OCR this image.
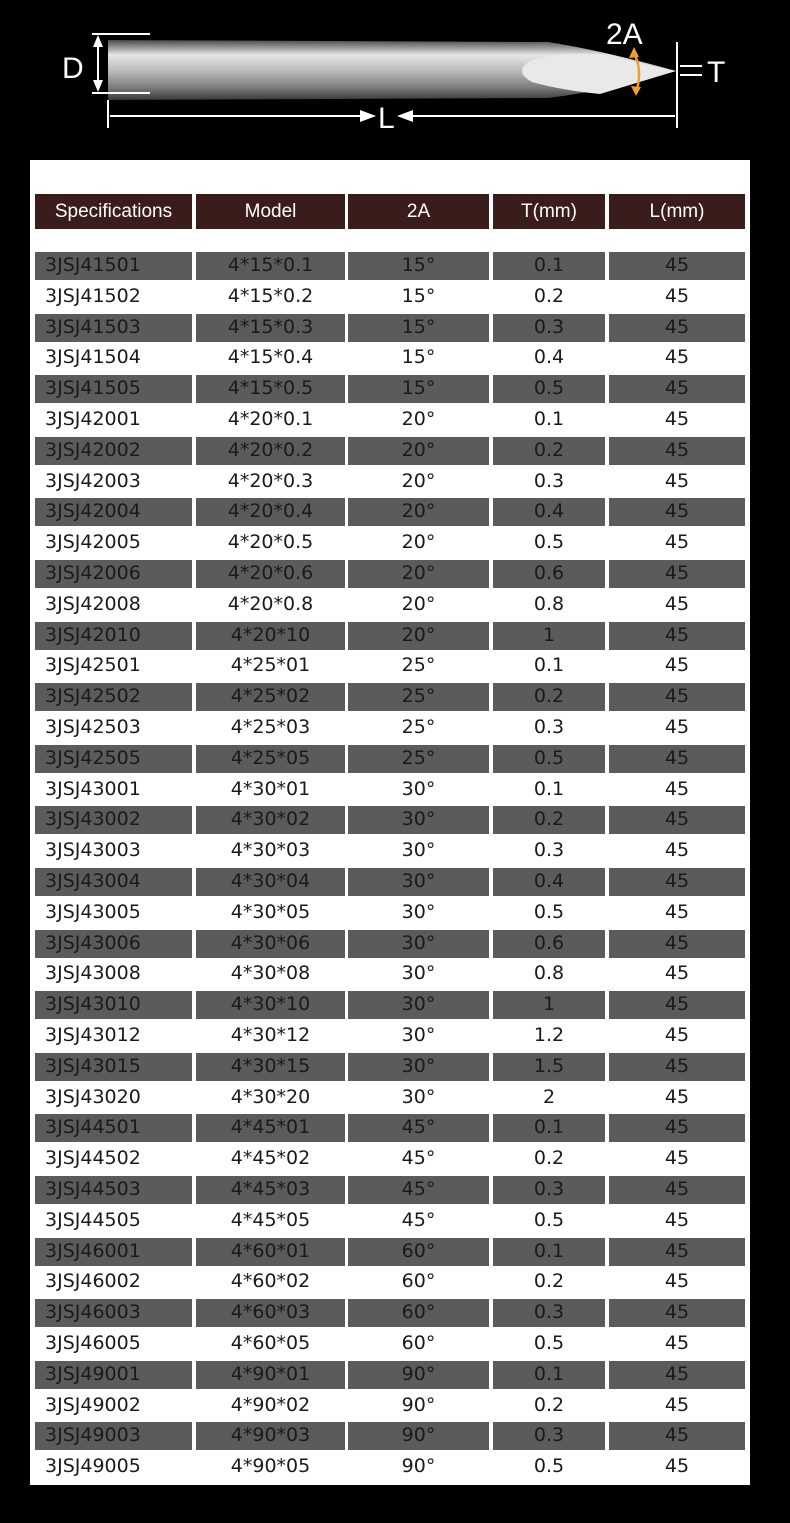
D
L
T
2A
Specifications	Model	2A	T(mm)	L(mm)
3JSJ41501	4*15*0.1	15°	0.1	45
3JSJ41502	4*15*0.2	15°	0.2	45
3JSJ41503	4*15*0.3	15°	0.3	45
3JSJ41504	4*15*0.4	15°	0.4	45
3JSJ41505	4*15*0.5	15°	0.5	45
3JSJ42001	4*20*0.1	20°	0.1	45
3JSJ42002	4*20*0.2	20°	0.2	45
3JSJ42003	4*20*0.3	20°	0.3	45
3JSJ42004	4*20*0.4	20°	0.4	45
3JSJ42005	4*20*0.5	20°	0.5	45
3JSJ42006	4*20*0.6	20°	0.6	45
3JSJ42008	4*20*0.8	20°	0.8	45
3JSJ42010	4*20*10	20°	1	45
3JSJ42501	4*25*01	25°	0.1	45
3JSJ42502	4*25*02	25°	0.2	45
3JSJ42503	4*25*03	25°	0.3	45
3JSJ42505	4*25*05	25°	0.5	45
3JSJ43001	4*30*01	30°	0.1	45
3JSJ43002	4*30*02	30°	0.2	45
3JSJ43003	4*30*03	30°	0.3	45
3JSJ43004	4*30*04	30°	0.4	45
3JSJ43005	4*30*05	30°	0.5	45
3JSJ43006	4*30*06	30°	0.6	45
3JSJ43008	4*30*08	30°	0.8	45
3JSJ43010	4*30*10	30°	1	45
3JSJ43012	4*30*12	30°	1.2	45
3JSJ43015	4*30*15	30°	1.5	45
3JSJ43020	4*30*20	30°	2	45
3JSJ44501	4*45*01	45°	0.1	45
3JSJ44502	4*45*02	45°	0.2	45
3JSJ44503	4*45*03	45°	0.3	45
3JSJ44505	4*45*05	45°	0.5	45
3JSJ46001	4*60*01	60°	0.1	45
3JSJ46002	4*60*02	60°	0.2	45
3JSJ46003	4*60*03	60°	0.3	45
3JSJ46005	4*60*05	60°	0.5	45
3JSJ49001	4*90*01	90°	0.1	45
3JSJ49002	4*90*02	90°	0.2	45
3JSJ49003	4*90*03	90°	0.3	45
3JSJ49005	4*90*05	90°	0.5	45
